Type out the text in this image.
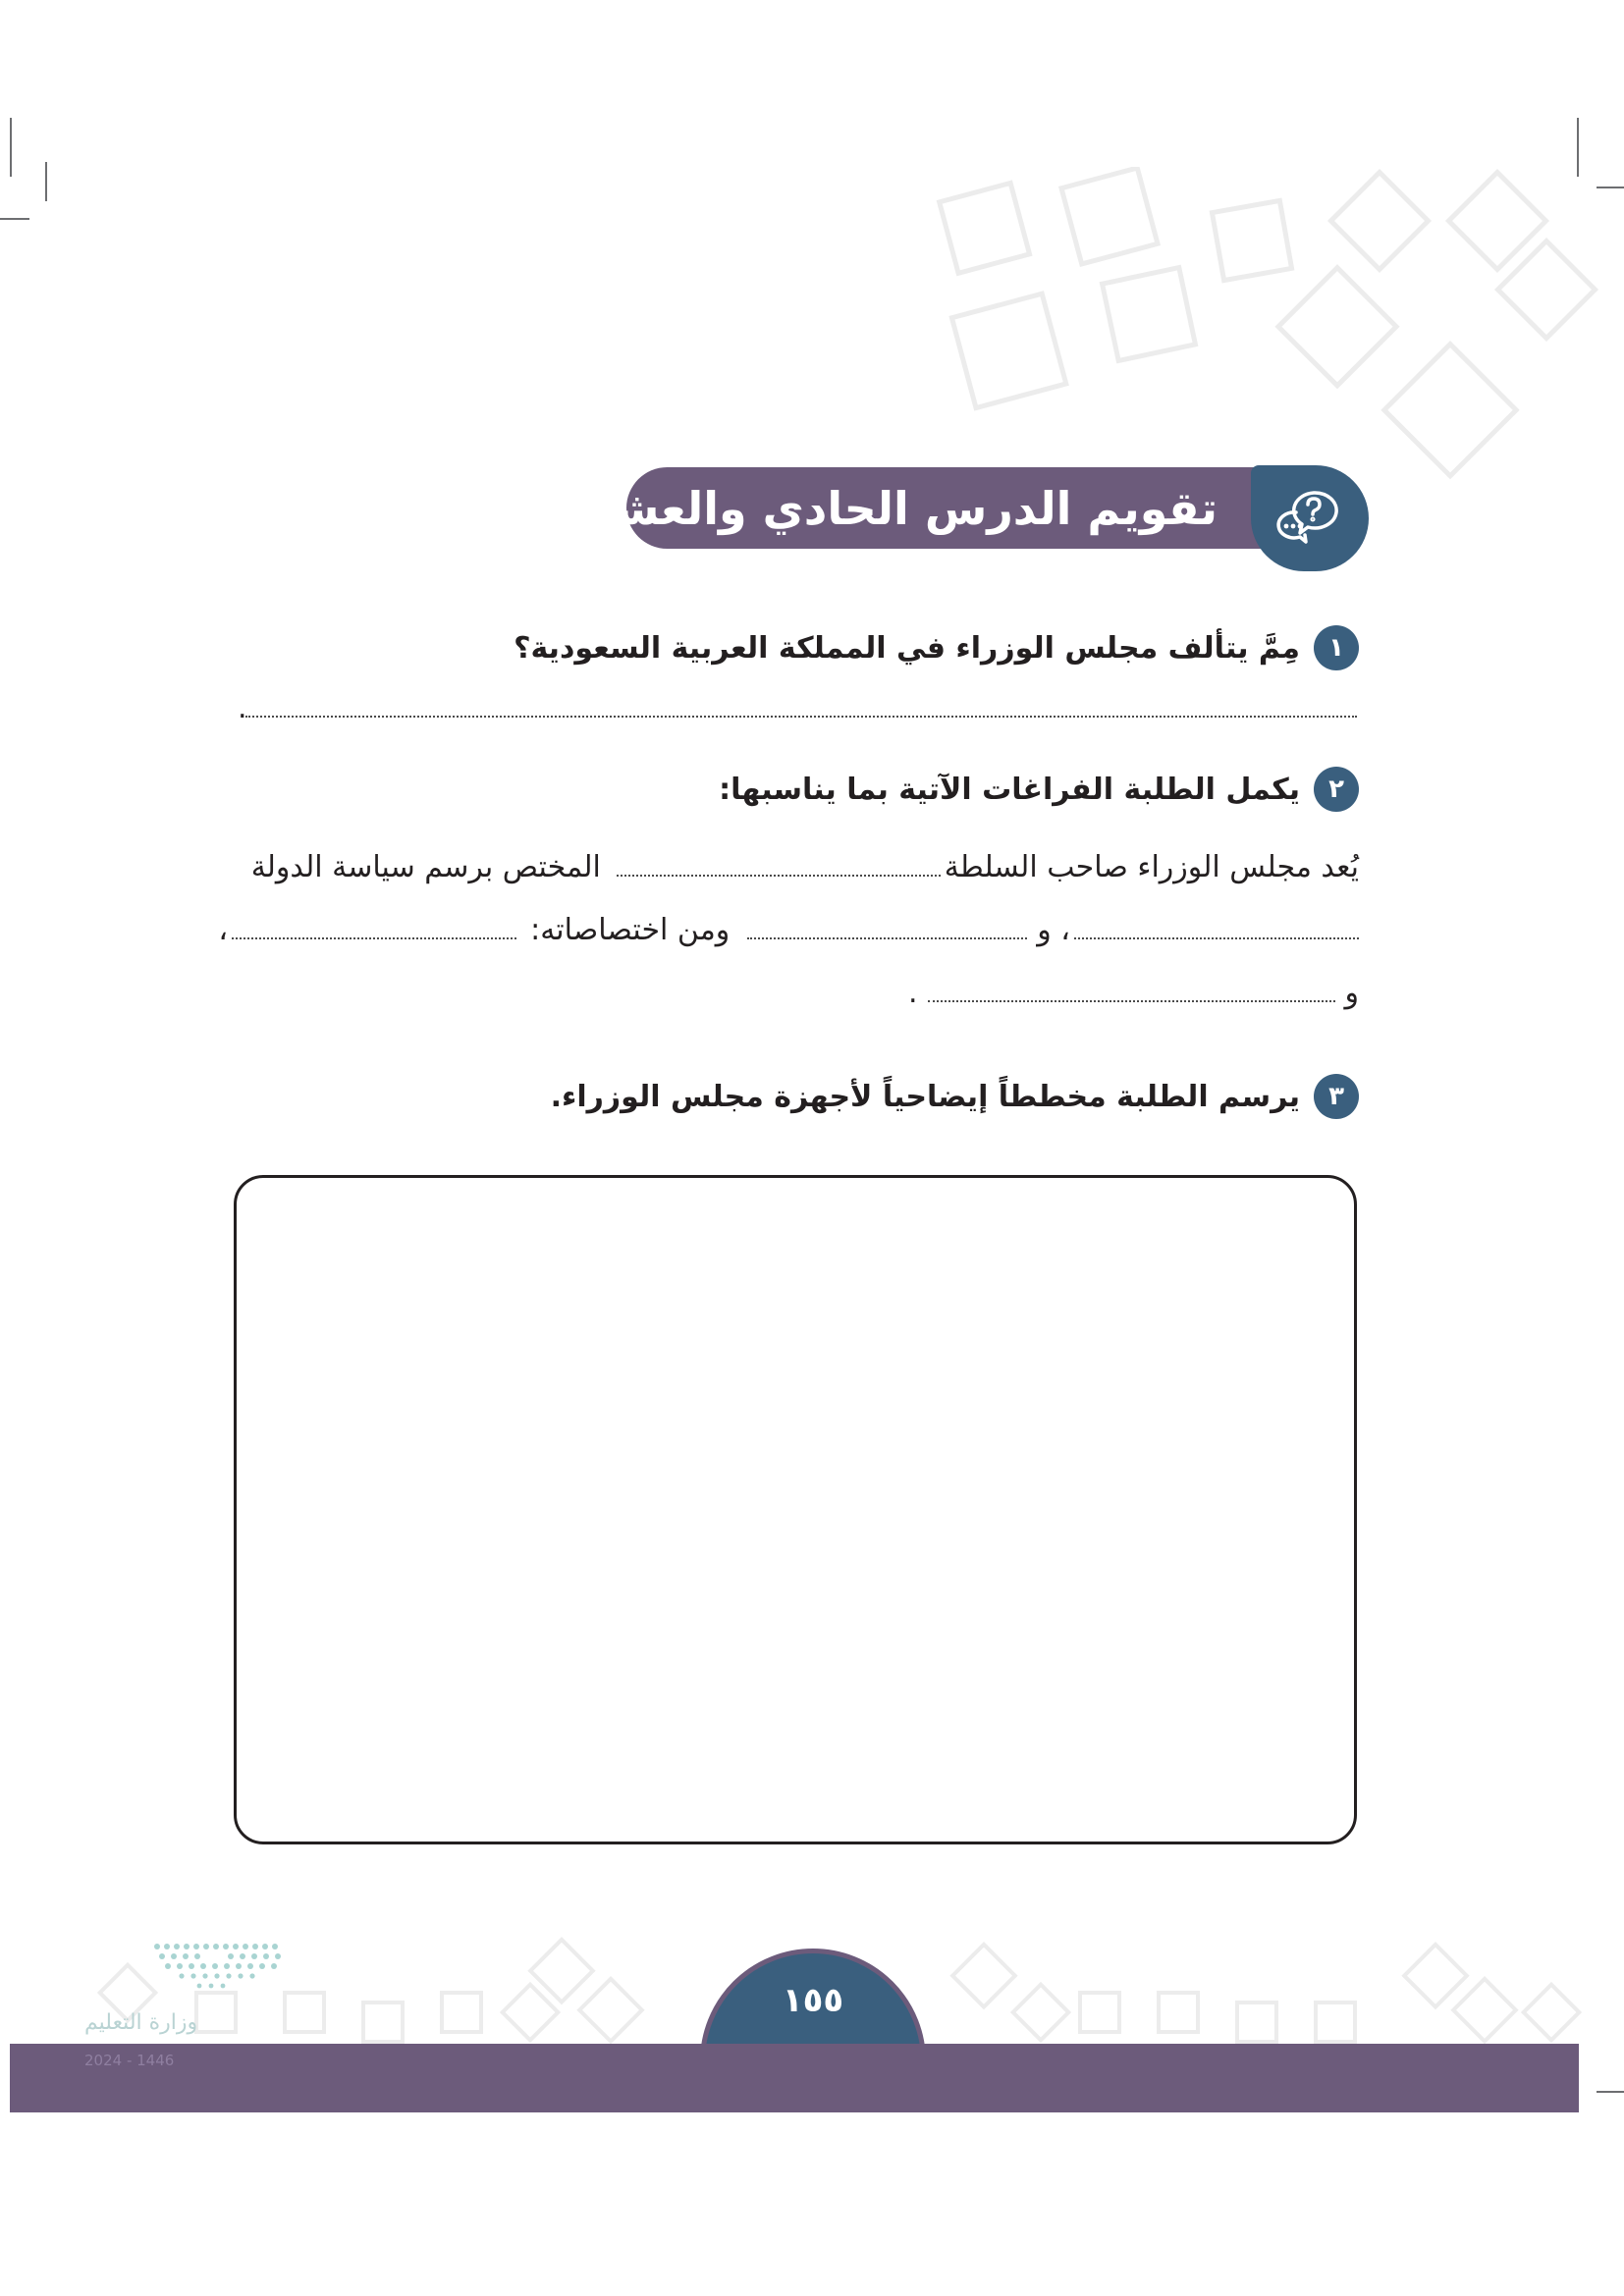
تقويم الدرس الحادي والعشرين
١
مِمَّ يتألف مجلس الوزراء في المملكة العربية السعودية؟
.
٢
يكمل الطلبة الفراغات الآتية بما يناسبها:
يُعد مجلس الوزراء صاحب السلطة
المختص برسم سياسة الدولة
، و
ومن اختصاصاته:
،
و
.
٣
يرسم الطلبة مخططاً إيضاحياً لأجهزة مجلس الوزراء.
١٥٥
وزارة التعليم
2024 - 1446
